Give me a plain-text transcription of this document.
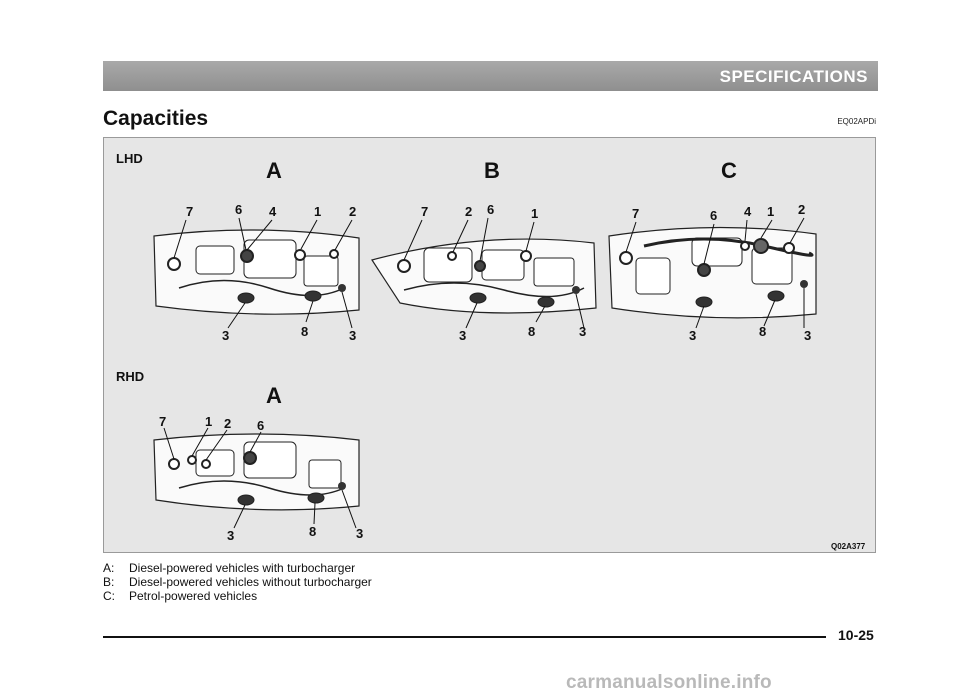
SPECIFICATIONS
Capacities	EQ02APDi
LHD
RHD
A
7	6 4	1 2
3	8	3
B
7	2 6	1
3	8	3
C
7	6 4 1 2
3	8	3
A
7	1 2 6
3	8	3
Q02A377
A: Diesel-powered vehicles with turbocharger
B: Diesel-powered vehicles without turbocharger
C: Petrol-powered vehicles
10-25
carmanualsonline.info
